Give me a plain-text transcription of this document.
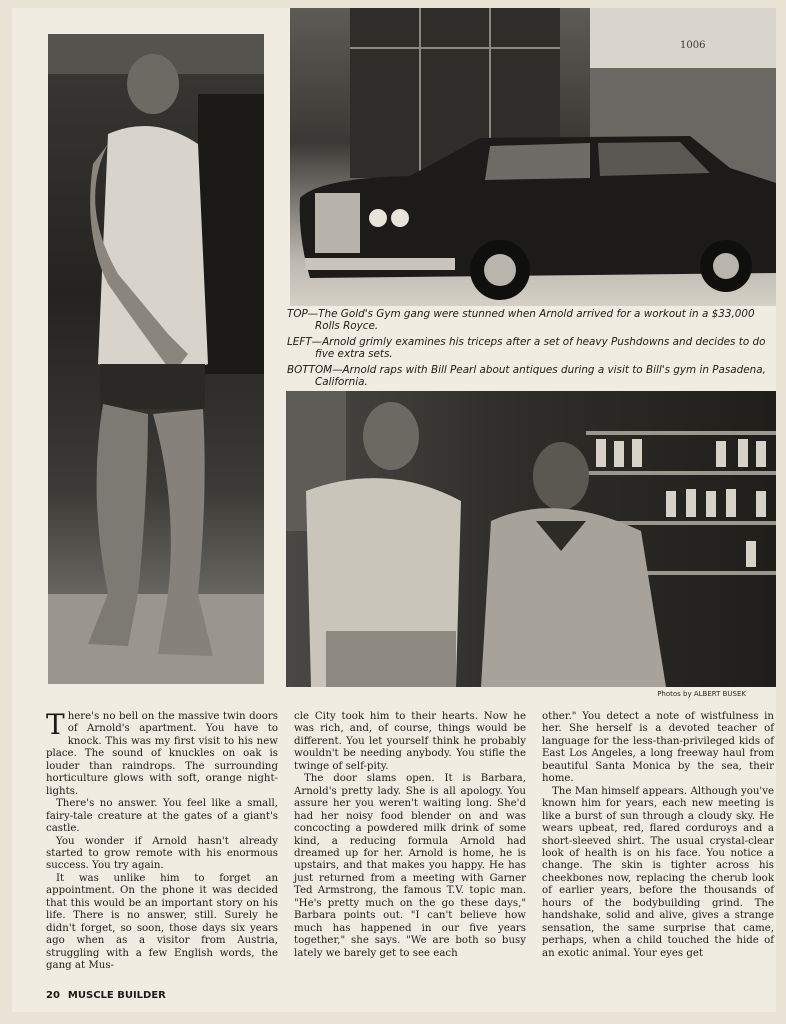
1006

TOP—The Gold's Gym gang were stunned when Arnold arrived for a workout in a $33,000 Rolls Royce.

LEFT—Arnold grimly examines his triceps after a set of heavy Pushdowns and decides to do five extra sets.

BOTTOM—Arnold raps with Bill Pearl about antiques during a visit to Bill's gym in Pasadena, California.

Photos by ALBERT BUSEK

There's no bell on the massive twin doors of Arnold's apartment. You have to knock. This was my first visit to his new place. The sound of knuckles on oak is louder than raindrops. The surrounding horticulture glows with soft, orange night-lights.

There's no answer. You feel like a small, fairy-tale creature at the gates of a giant's castle.

You wonder if Arnold hasn't already started to grow remote with his enormous success. You try again.

It was unlike him to forget an appointment. On the phone it was decided that this would be an important story on his life. There is no answer, still. Surely he didn't forget, so soon, those days six years ago when as a visitor from Austria, struggling with a few English words, the gang at Mus-

cle City took him to their hearts. Now he was rich, and, of course, things would be different. You let yourself think he probably wouldn't be needing anybody. You stifle the twinge of self-pity.

The door slams open. It is Barbara, Arnold's pretty lady. She is all apology. You assure her you weren't waiting long. She'd had her noisy food blender on and was concocting a powdered milk drink of some kind, a reducing formula Arnold had dreamed up for her. Arnold is home, he is upstairs, and that makes you happy. He has just returned from a meeting with Garner Ted Armstrong, the famous T.V. topic man. "He's pretty much on the go these days," Barbara points out. "I can't believe how much has happened in our five years together," she says. "We are both so busy lately we barely get to see each

other." You detect a note of wistfulness in her. She herself is a devoted teacher of language for the less-than-privileged kids of East Los Angeles, a long freeway haul from beautiful Santa Monica by the sea, their home.

The Man himself appears. Although you've known him for years, each new meeting is like a burst of sun through a cloudy sky. He wears upbeat, red, flared corduroys and a short-sleeved shirt. The usual crystal-clear look of health is on his face. You notice a change. The skin is tighter across his cheekbones now, replacing the cherub look of earlier years, before the thousands of hours of the bodybuilding grind. The handshake, solid and alive, gives a strange sensation, the same surprise that came, perhaps, when a child touched the hide of an exotic animal. Your eyes get

20 MUSCLE BUILDER
